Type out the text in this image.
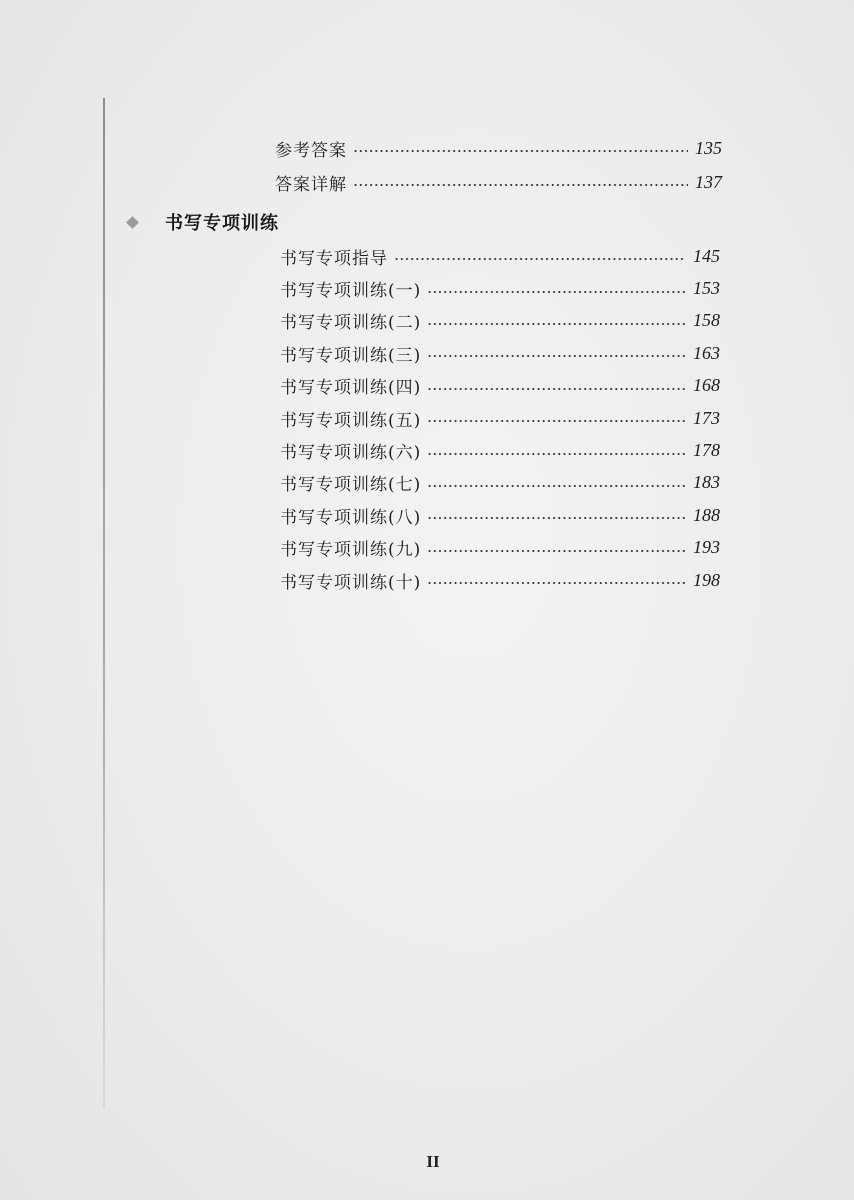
参考答案	135
答案详解	137
书写专项训练
书写专项指导	145
书写专项训练(一)	153
书写专项训练(二)	158
书写专项训练(三)	163
书写专项训练(四)	168
书写专项训练(五)	173
书写专项训练(六)	178
书写专项训练(七)	183
书写专项训练(八)	188
书写专项训练(九)	193
书写专项训练(十)	198
II
